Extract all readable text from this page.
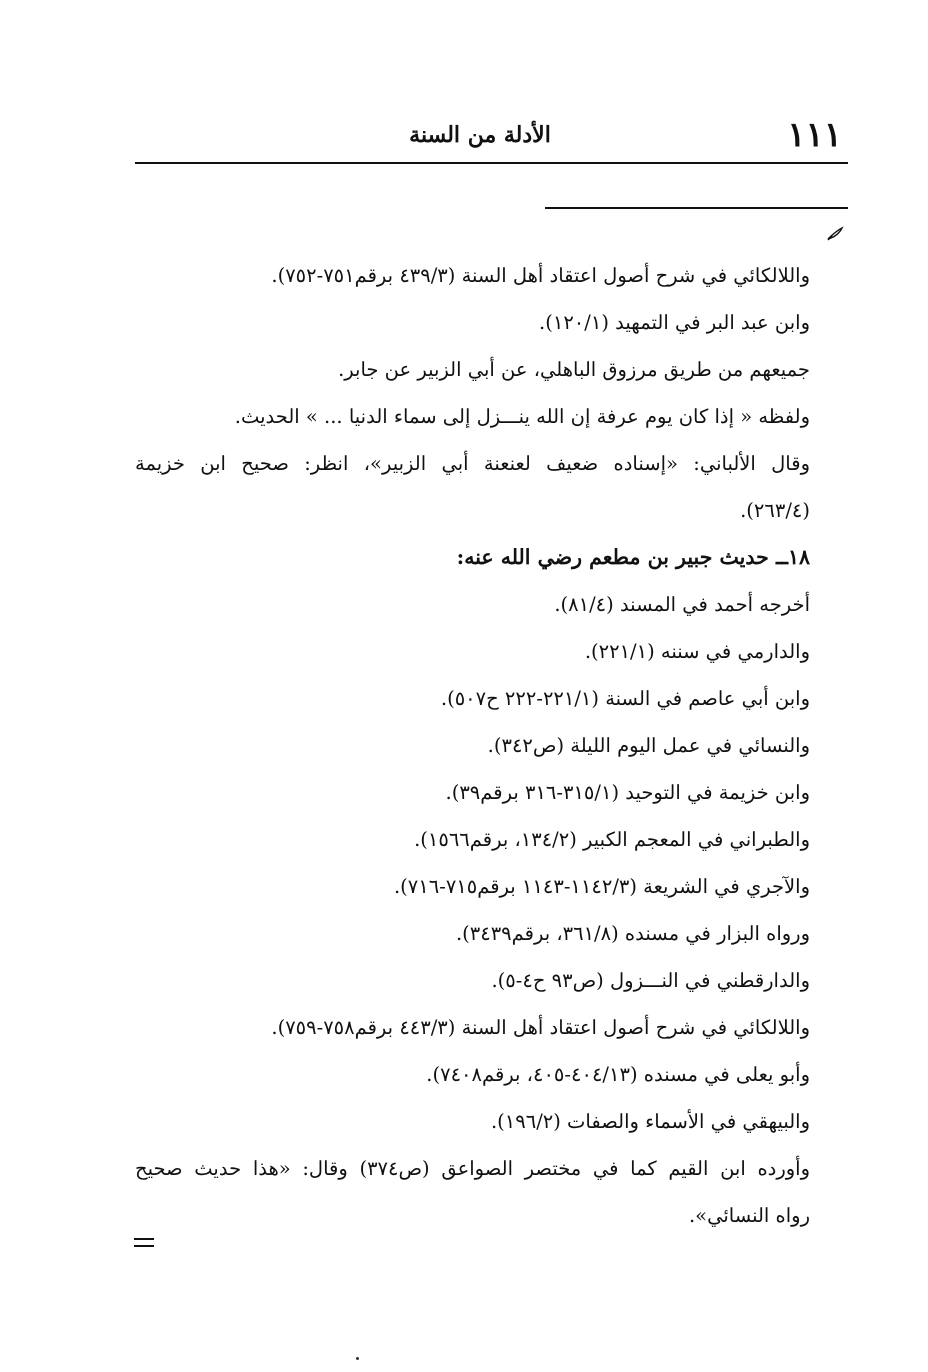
١١١
الأدلة من السنة
واللالكائي في شرح أصول اعتقاد أهل السنة (٤٣٩/٣ برقم٧٥١-٧٥٢).
وابن عبد البر في التمهيد (١٢٠/١).
جميعهم من طريق مرزوق الباهلي، عن أبي الزبير عن جابر.
ولفظه « إذا كان يوم عرفة إن الله ينـــزل إلى سماء الدنيا ... » الحديث.
وقال الألباني: «إسناده ضعيف لعنعنة أبي الزبير»، انظر: صحيح ابن خزيمة
(٢٦٣/٤).
١٨ــ حديث جبير بن مطعم رضي الله عنه:
أخرجه أحمد في المسند (٨١/٤).
والدارمي في سننه (٢٢١/١).
وابن أبي عاصم في السنة (٢٢١/١-٢٢٢ ح٥٠٧).
والنسائي في عمل اليوم الليلة (ص٣٤٢).
وابن خزيمة في التوحيد (٣١٥/١-٣١٦ برقم٣٩).
والطبراني في المعجم الكبير (١٣٤/٢، برقم١٥٦٦).
والآجري في الشريعة (١١٤٢/٣-١١٤٣ برقم٧١٥-٧١٦).
ورواه البزار في مسنده (٣٦١/٨، برقم٣٤٣٩).
والدارقطني في النـــزول (ص٩٣ ح٤-٥).
واللالكائي في شرح أصول اعتقاد أهل السنة (٤٤٣/٣ برقم٧٥٨-٧٥٩).
وأبو يعلى في مسنده (٤٠٤/١٣-٤٠٥، برقم٧٤٠٨).
والبيهقي في الأسماء والصفات (١٩٦/٢).
وأورده ابن القيم كما في مختصر الصواعق (ص٣٧٤) وقال: «هذا حديث صحيح
رواه النسائي».
